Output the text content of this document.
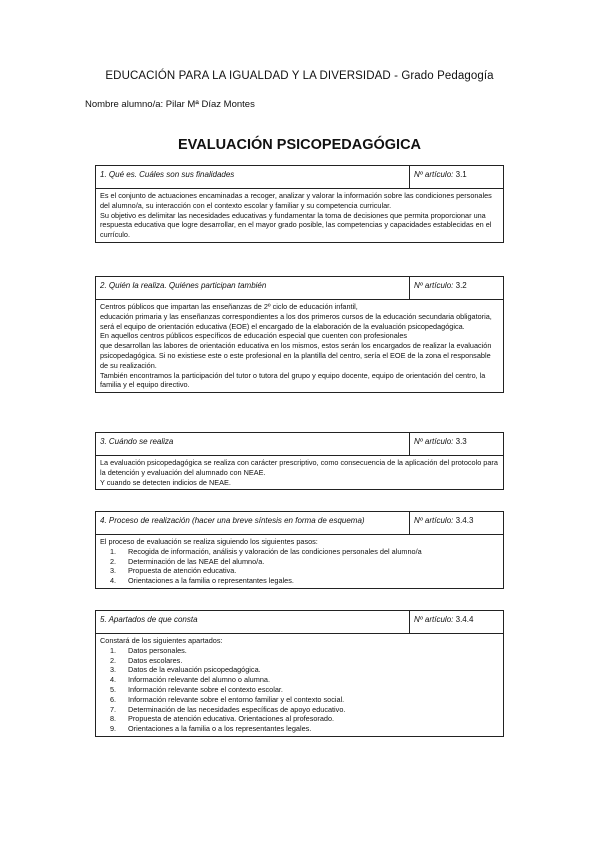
EDUCACIÓN PARA LA IGUALDAD Y LA DIVERSIDAD - Grado Pedagogía
Nombre alumno/a: Pilar Mª Díaz Montes
EVALUACIÓN PSICOPEDAGÓGICA
1. Qué es. Cuáles son sus finalidades	Nº artículo: 3.1

Es el conjunto de actuaciones encaminadas a recoger, analizar y valorar la información sobre las condiciones personales del alumno/a, su interacción con el contexto escolar y familiar y su competencia curricular.

Su objetivo es delimitar las necesidades educativas y fundamentar la toma de decisiones que permita proporcionar una respuesta educativa que logre desarrollar, en el mayor grado posible, las competencias y capacidades establecidas en el currículo.

2. Quién la realiza. Quiénes participan también	Nº artículo: 3.2

Centros públicos que impartan las enseñanzas de 2º ciclo de educación infantil,

educación primaria y las enseñanzas correspondientes a los dos primeros cursos de la educación secundaria obligatoria, será el equipo de orientación educativa (EOE) el encargado de la elaboración de la evaluación psicopedagógica.

En aquellos centros públicos específicos de educación especial que cuenten con profesionales

que desarrollan las labores de orientación educativa en los mismos, estos serán los encargados de realizar la evaluación psicopedagógica. Si no existiese este o este profesional en la plantilla del centro, sería el EOE de la zona el responsable de su realización.

También encontramos la participación del tutor o tutora del grupo y equipo docente, equipo de orientación del centro, la familia y el equipo directivo.

3. Cuándo se realiza	Nº artículo: 3.3

La evaluación psicopedagógica se realiza con carácter prescriptivo, como consecuencia de la aplicación del protocolo para la detención y evaluación del alumnado con NEAE.

Y cuando se detecten indicios de NEAE.

4. Proceso de realización (hacer una breve síntesis en forma de esquema)	Nº artículo: 3.4.3

El proceso de evaluación se realiza siguiendo los siguientes pasos:

1. Recogida de información, análisis y valoración de las condiciones personales del alumno/a
2. Determinación de las NEAE del alumno/a.
3. Propuesta de atención educativa.
4. Orientaciones a la familia o representantes legales.
5. Apartados de que consta	Nº artículo: 3.4.4

Constará de los siguientes apartados:

1. Datos personales.
2. Datos escolares.
3. Datos de la evaluación psicopedagógica.
4. Información relevante del alumno o alumna.
5. Información relevante sobre el contexto escolar.
6. Información relevante sobre el entorno familiar y el contexto social.
7. Determinación de las necesidades específicas de apoyo educativo.
8. Propuesta de atención educativa. Orientaciones al profesorado.
9. Orientaciones a la familia o a los representantes legales.
